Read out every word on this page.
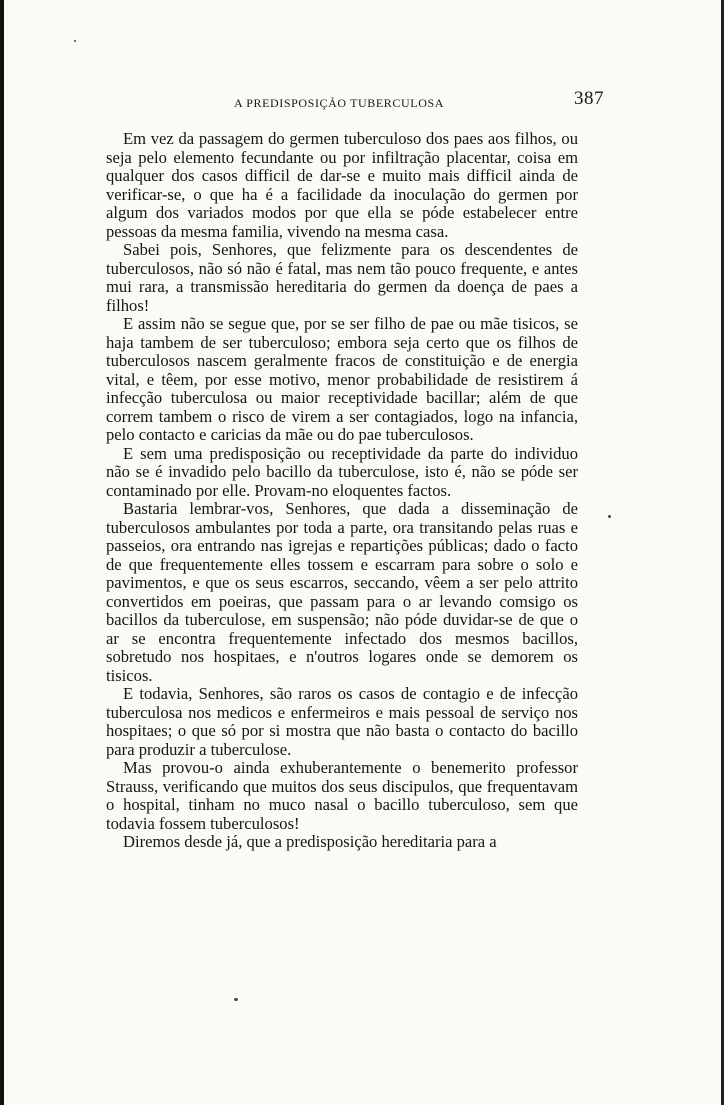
A PREDISPOSIÇÃO TUBERCULOSA	387

Em vez da passagem do germen tuberculoso dos paes aos filhos, ou seja pelo elemento fecundante ou por infiltração placentar, coisa em qualquer dos casos difficil de dar-se e muito mais difficil ainda de verificar-se, o que ha é a facilidade da inoculação do germen por algum dos variados modos por que ella se póde estabelecer entre pessoas da mesma familia, vivendo na mesma casa.

Sabei pois, Senhores, que felizmente para os descendentes de tuberculosos, não só não é fatal, mas nem tão pouco frequente, e antes mui rara, a transmissão hereditaria do germen da doença de paes a filhos!

E assim não se segue que, por se ser filho de pae ou mãe tisicos, se haja tambem de ser tuberculoso; embora seja certo que os filhos de tuberculosos nascem geralmente fracos de constituição e de energia vital, e têem, por esse motivo, menor probabilidade de resistirem á infecção tuberculosa ou maior receptividade bacillar; além de que correm tambem o risco de virem a ser contagiados, logo na infancia, pelo contacto e caricias da mãe ou do pae tuberculosos.

E sem uma predisposição ou receptividade da parte do individuo não se é invadido pelo bacillo da tuberculose, isto é, não se póde ser contaminado por elle. Provam-no eloquentes factos.

Bastaria lembrar-vos, Senhores, que dada a disseminação de tuberculosos ambulantes por toda a parte, ora transitando pelas ruas e passeios, ora entrando nas igrejas e repartições públicas; dado o facto de que frequentemente elles tossem e escarram para sobre o solo e pavimentos, e que os seus escarros, seccando, vêem a ser pelo attrito convertidos em poeiras, que passam para o ar levando comsigo os bacillos da tuberculose, em suspensão; não póde duvidar-se de que o ar se encontra frequentemente infectado dos mesmos bacillos, sobretudo nos hospitaes, e n'outros logares onde se demorem os tisicos.

E todavia, Senhores, são raros os casos de contagio e de infecção tuberculosa nos medicos e enfermeiros e mais pessoal de serviço nos hospitaes; o que só por si mostra que não basta o contacto do bacillo para produzir a tuberculose.

Mas provou-o ainda exhuberantemente o benemerito professor Strauss, verificando que muitos dos seus discipulos, que frequentavam o hospital, tinham no muco nasal o bacillo tuberculoso, sem que todavia fossem tuberculosos!

Diremos desde já, que a predisposição hereditaria para a
